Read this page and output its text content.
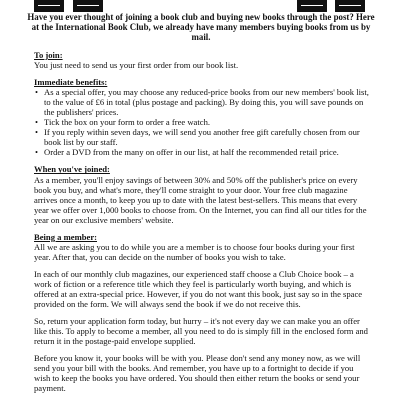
Have you ever thought of joining a book club and buying new books through the post? Here at the International Book Club, we already have many members buying books from us by mail.
To join:
You just need to send us your first order from our book list.
Immediate benefits:
• As a special offer, you may choose any reduced-price books from our new members' book list, to the value of £6 in total (plus postage and packing). By doing this, you will save pounds on the publishers' prices.
• Tick the box on your form to order a free watch.
• If you reply within seven days, we will send you another free gift carefully chosen from our book list by our staff.
• Order a DVD from the many on offer in our list, at half the recommended retail price.
When you've joined:
As a member, you'll enjoy savings of between 30% and 50% off the publisher's price on every book you buy, and what's more, they'll come straight to your door. Your free club magazine arrives once a month, to keep you up to date with the latest best-sellers. This means that every year we offer over 1,000 books to choose from. On the Internet, you can find all our titles for the year on our exclusive members' website.
Being a member:
All we are asking you to do while you are a member is to choose four books during your first year. After that, you can decide on the number of books you wish to take.

In each of our monthly club magazines, our experienced staff choose a Club Choice book – a work of fiction or a reference title which they feel is particularly worth buying, and which is offered at an extra-special price. However, if you do not want this book, just say so in the space provided on the form. We will always send the book if we do not receive this.

So, return your application form today, but hurry – it's not every day we can make you an offer like this. To apply to become a member, all you need to do is simply fill in the enclosed form and return it in the postage-paid envelope supplied.

Before you know it, your books will be with you. Please don't send any money now, as we will send you your bill with the books. And remember, you have up to a fortnight to decide if you wish to keep the books you have ordered. You should then either return the books or send your payment.
